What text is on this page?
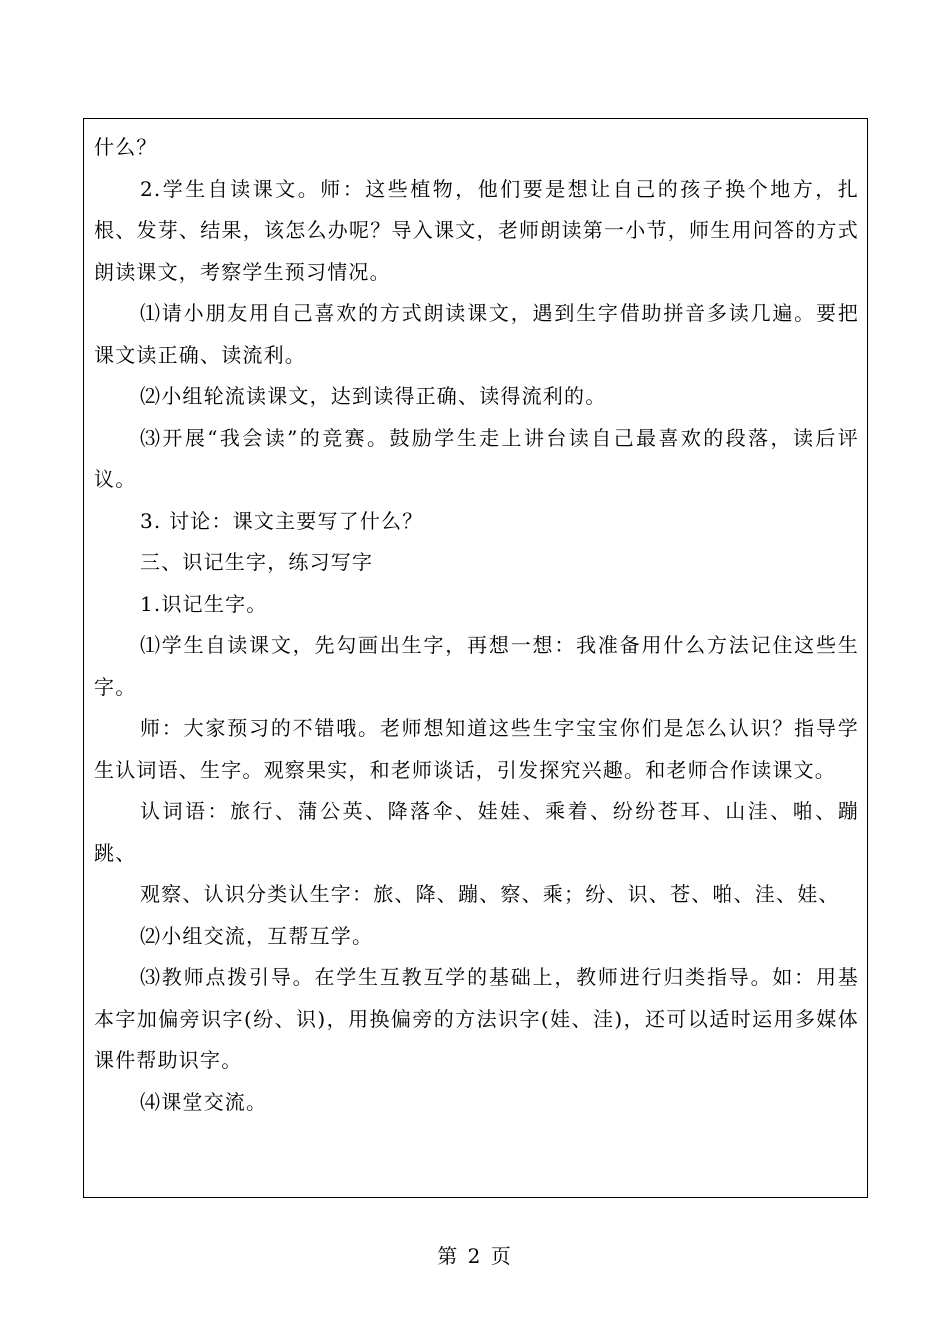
什么？

2.学生自读课文。师：这些植物，他们要是想让自己的孩子换个地方，扎根、发芽、结果，该怎么办呢？导入课文，老师朗读第一小节，师生用问答的方式朗读课文，考察学生预习情况。

⑴请小朋友用自己喜欢的方式朗读课文，遇到生字借助拼音多读几遍。要把课文读正确、读流利。

⑵小组轮流读课文，达到读得正确、读得流利的。

⑶开展“我会读”的竞赛。鼓励学生走上讲台读自己最喜欢的段落，读后评议。

3. 讨论：课文主要写了什么？

三、识记生字，练习写字

1.识记生字。

⑴学生自读课文，先勾画出生字，再想一想：我准备用什么方法记住这些生字。

师：大家预习的不错哦。老师想知道这些生字宝宝你们是怎么认识？指导学生认词语、生字。观察果实，和老师谈话，引发探究兴趣。和老师合作读课文。

认词语：旅行、蒲公英、降落伞、娃娃、乘着、纷纷苍耳、山洼、啪、蹦跳、

观察、认识分类认生字：旅、降、蹦、察、乘；纷、识、苍、啪、洼、娃、

⑵小组交流，互帮互学。

⑶教师点拨引导。在学生互教互学的基础上，教师进行归类指导。如：用基本字加偏旁识字(纷、识)，用换偏旁的方法识字(娃、洼)，还可以适时运用多媒体课件帮助识字。

⑷课堂交流。

第 2 页
